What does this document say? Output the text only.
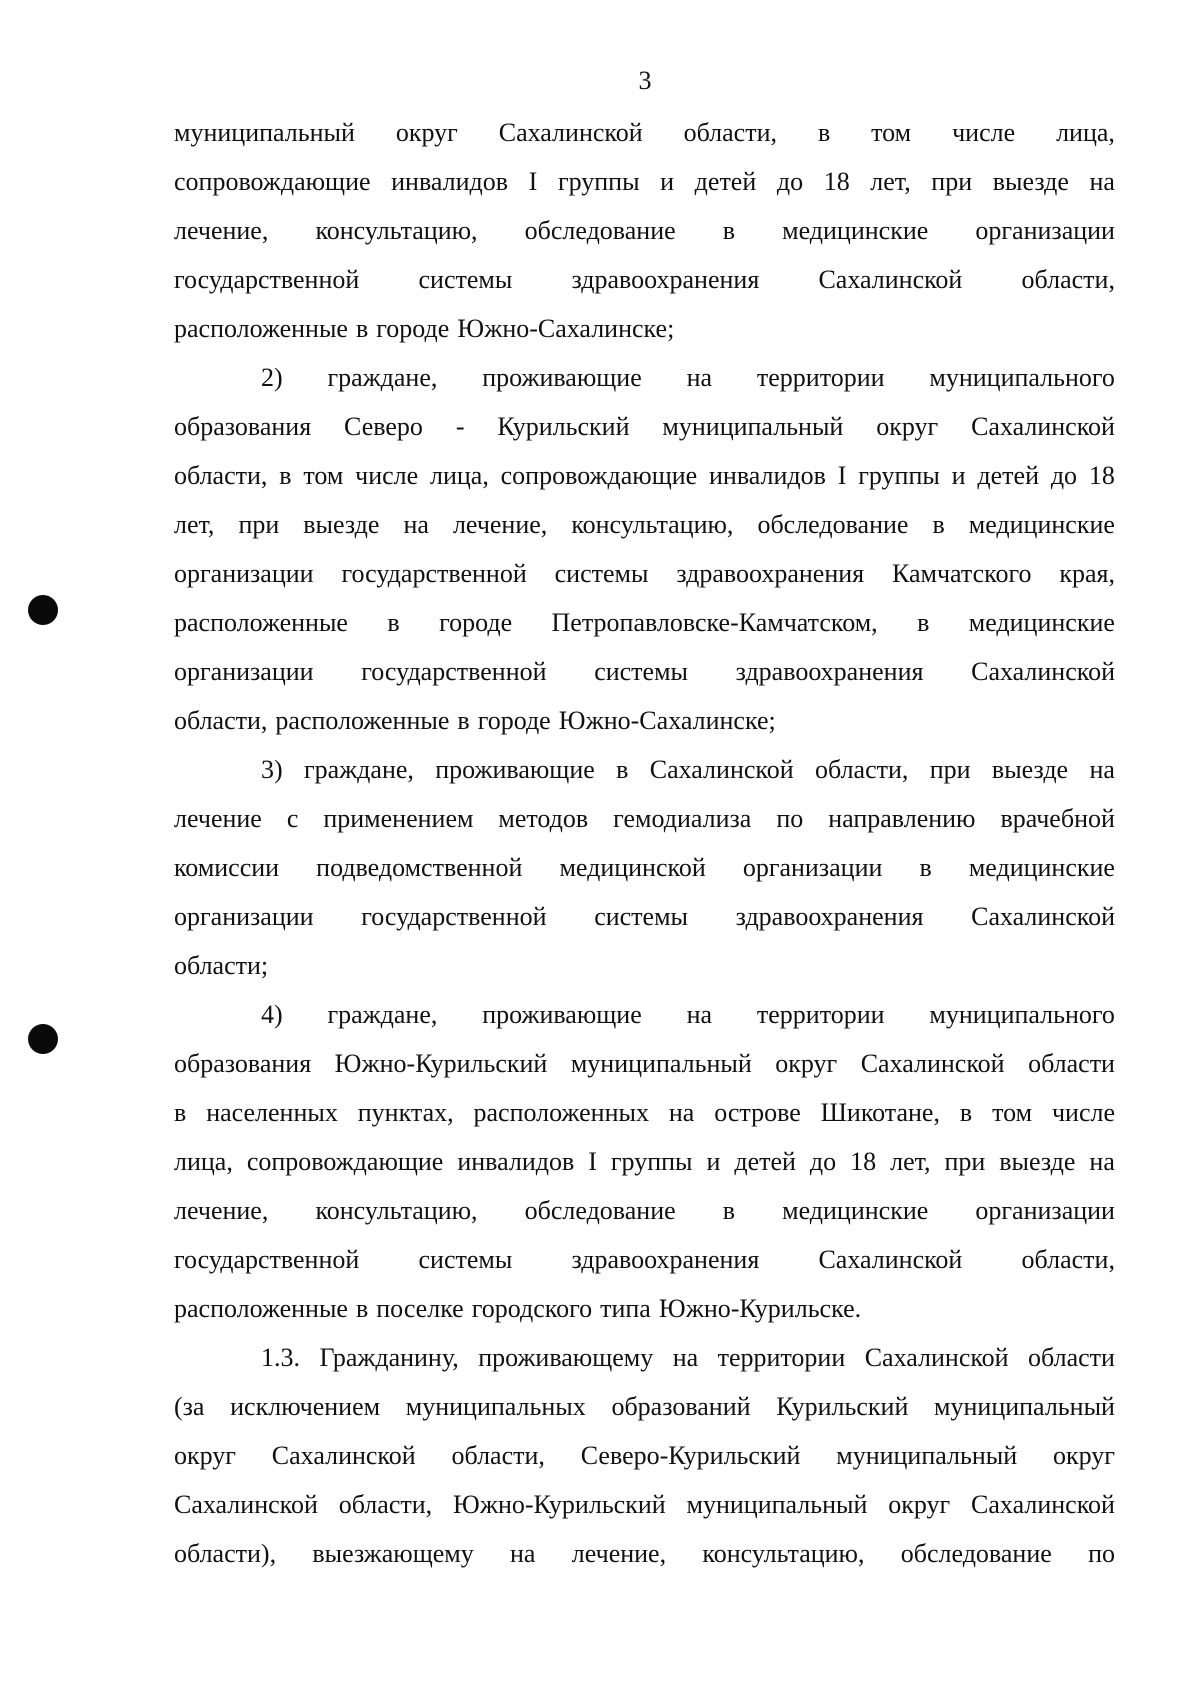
3
муниципальный округ Сахалинской области, в том числе лица,
сопровождающие инвалидов I группы и детей до 18 лет, при выезде на
лечение, консультацию, обследование в медицинские организации
государственной системы здравоохранения Сахалинской области,
расположенные в городе Южно-Сахалинске;
2) граждане, проживающие на территории муниципального
образования Северо - Курильский муниципальный округ Сахалинской
области, в том числе лица, сопровождающие инвалидов I группы и детей до 18
лет, при выезде на лечение, консультацию, обследование в медицинские
организации государственной системы здравоохранения Камчатского края,
расположенные в городе Петропавловске-Камчатском, в медицинские
организации государственной системы здравоохранения Сахалинской
области, расположенные в городе Южно-Сахалинске;
3) граждане, проживающие в Сахалинской области, при выезде на
лечение с применением методов гемодиализа по направлению врачебной
комиссии подведомственной медицинской организации в медицинские
организации государственной системы здравоохранения Сахалинской
области;
4) граждане, проживающие на территории муниципального
образования Южно-Курильский муниципальный округ Сахалинской области
в населенных пунктах, расположенных на острове Шикотане, в том числе
лица, сопровождающие инвалидов I группы и детей до 18 лет, при выезде на
лечение, консультацию, обследование в медицинские организации
государственной системы здравоохранения Сахалинской области,
расположенные в поселке городского типа Южно-Курильске.
1.3. Гражданину, проживающему на территории Сахалинской области
(за исключением муниципальных образований Курильский муниципальный
округ Сахалинской области, Северо-Курильский муниципальный округ
Сахалинской области, Южно-Курильский муниципальный округ Сахалинской
области), выезжающему на лечение, консультацию, обследование по
